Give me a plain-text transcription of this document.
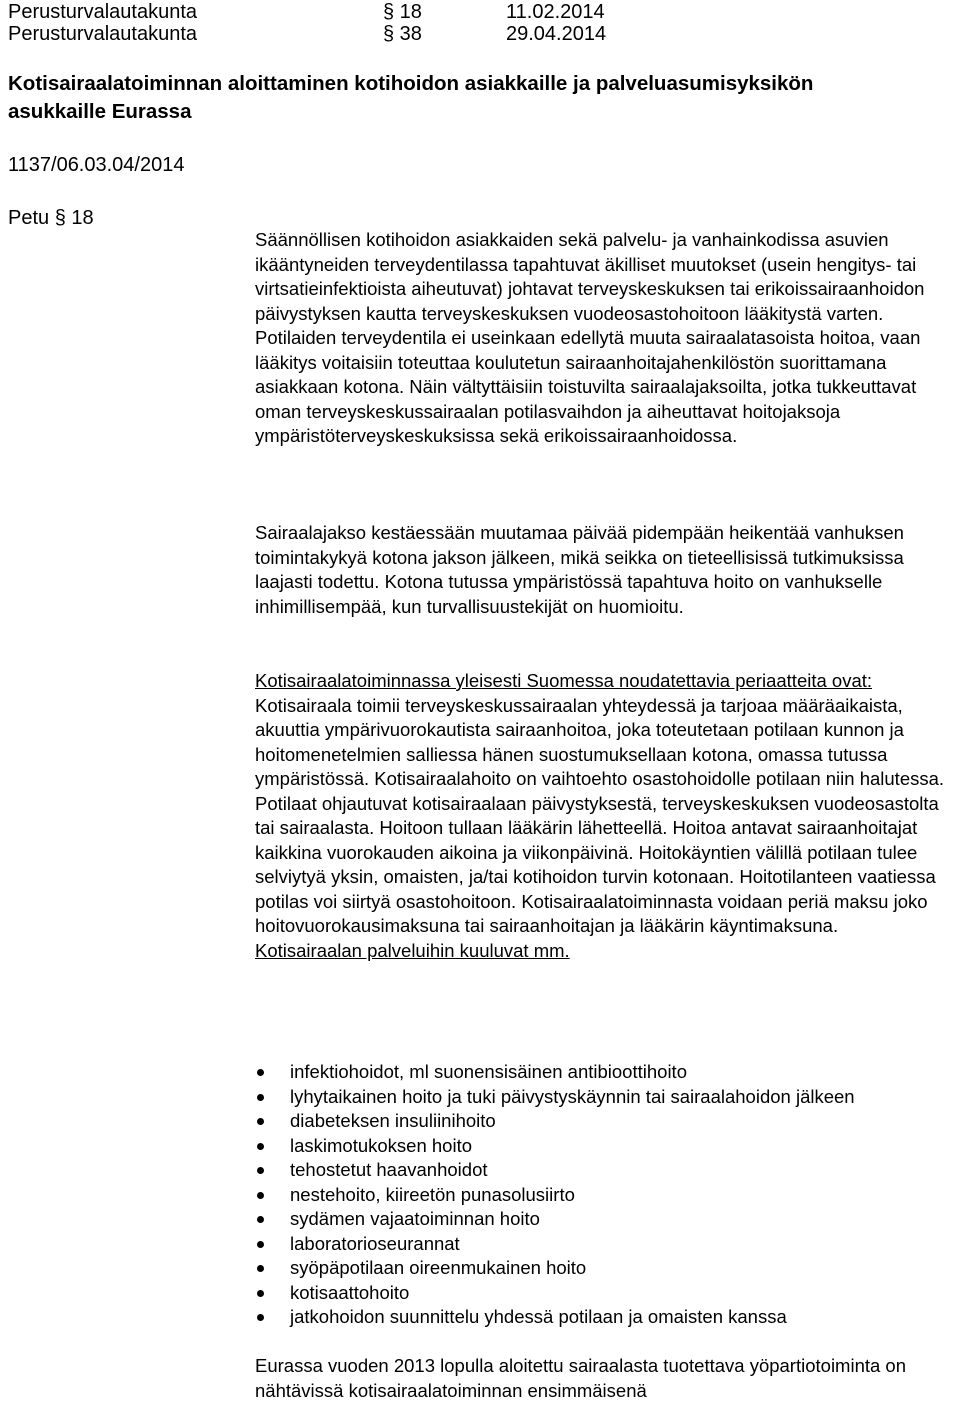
Perusturvalautakunta	§ 18	11.02.2014
Perusturvalautakunta	§ 38	29.04.2014
Kotisairaalatoiminnan aloittaminen kotihoidon asiakkaille ja palveluasumisyksikön
asukkaille Eurassa
1137/06.03.04/2014
Petu § 18

Säännöllisen kotihoidon asiakkaiden sekä palvelu- ja vanhainkodissa asuvien ikääntyneiden terveydentilassa tapahtuvat äkilliset muutokset (usein hengitys- tai virtsatieinfektioista aiheutuvat) johtavat terveyskeskuksen tai erikoissairaanhoidon päivystyksen kautta terveyskeskuksen vuodeosastohoitoon lääkitystä varten. Potilaiden terveydentila ei useinkaan edellytä muuta sairaalatasoista hoitoa, vaan lääkitys voitaisiin toteuttaa koulutetun sairaanhoitajahenkilöstön suorittamana asiakkaan kotona. Näin vältyttäisiin toistuvilta sairaalajaksoilta, jotka tukkeuttavat oman terveyskeskussairaalan potilasvaihdon ja aiheuttavat hoitojaksoja ympäristöterveyskeskuksissa sekä erikoissairaanhoidossa.

Sairaalajakso kestäessään muutamaa päivää pidempään heikentää vanhuksen toimintakykyä kotona jakson jälkeen, mikä seikka on tieteellisissä tutkimuksissa laajasti todettu. Kotona tutussa ympäristössä tapahtuva hoito on vanhukselle inhimillisempää, kun turvallisuustekijät on huomioitu.

Kotisairaalatoiminnassa yleisesti Suomessa noudatettavia periaatteita ovat:

Kotisairaala toimii terveyskeskussairaalan yhteydessä ja tarjoaa määräaikaista, akuuttia ympärivuorokautista sairaanhoitoa, joka toteutetaan potilaan kunnon ja hoitomenetelmien salliessa hänen suostumuksellaan kotona, omassa tutussa ympäristössä. Kotisairaalahoito on vaihtoehto osastohoidolle potilaan niin halutessa. Potilaat ohjautuvat kotisairaalaan päivystyksestä, terveyskeskuksen vuodeosastolta tai sairaalasta. Hoitoon tullaan lääkärin lähetteellä. Hoitoa antavat sairaanhoitajat kaikkina vuorokauden aikoina ja viikonpäivinä. Hoitokäyntien välillä potilaan tulee selviytyä yksin, omaisten, ja/tai kotihoidon turvin kotonaan. Hoitotilanteen vaatiessa potilas voi siirtyä osastohoitoon. Kotisairaalatoiminnasta voidaan periä maksu joko hoitovuorokausimaksuna tai sairaanhoitajan ja lääkärin käyntimaksuna.

Kotisairaalan palveluihin kuuluvat mm.

infektiohoidot, ml suonensisäinen antibioottihoito
lyhytaikainen hoito ja tuki päivystyskäynnin tai sairaalahoidon jälkeen
diabeteksen insuliinihoito
laskimotukoksen hoito
tehostetut haavanhoidot
nestehoito, kiireetön punasolusiirto
sydämen vajaatoiminnan hoito
laboratorioseurannat
syöpäpotilaan oireenmukainen hoito
kotisaattohoito
jatkohoidon suunnittelu yhdessä potilaan ja omaisten kanssa

Eurassa vuoden 2013 lopulla aloitettu sairaalasta tuotettava yöpartiotoiminta on nähtävissä kotisairaalatoiminnan ensimmäisenä
